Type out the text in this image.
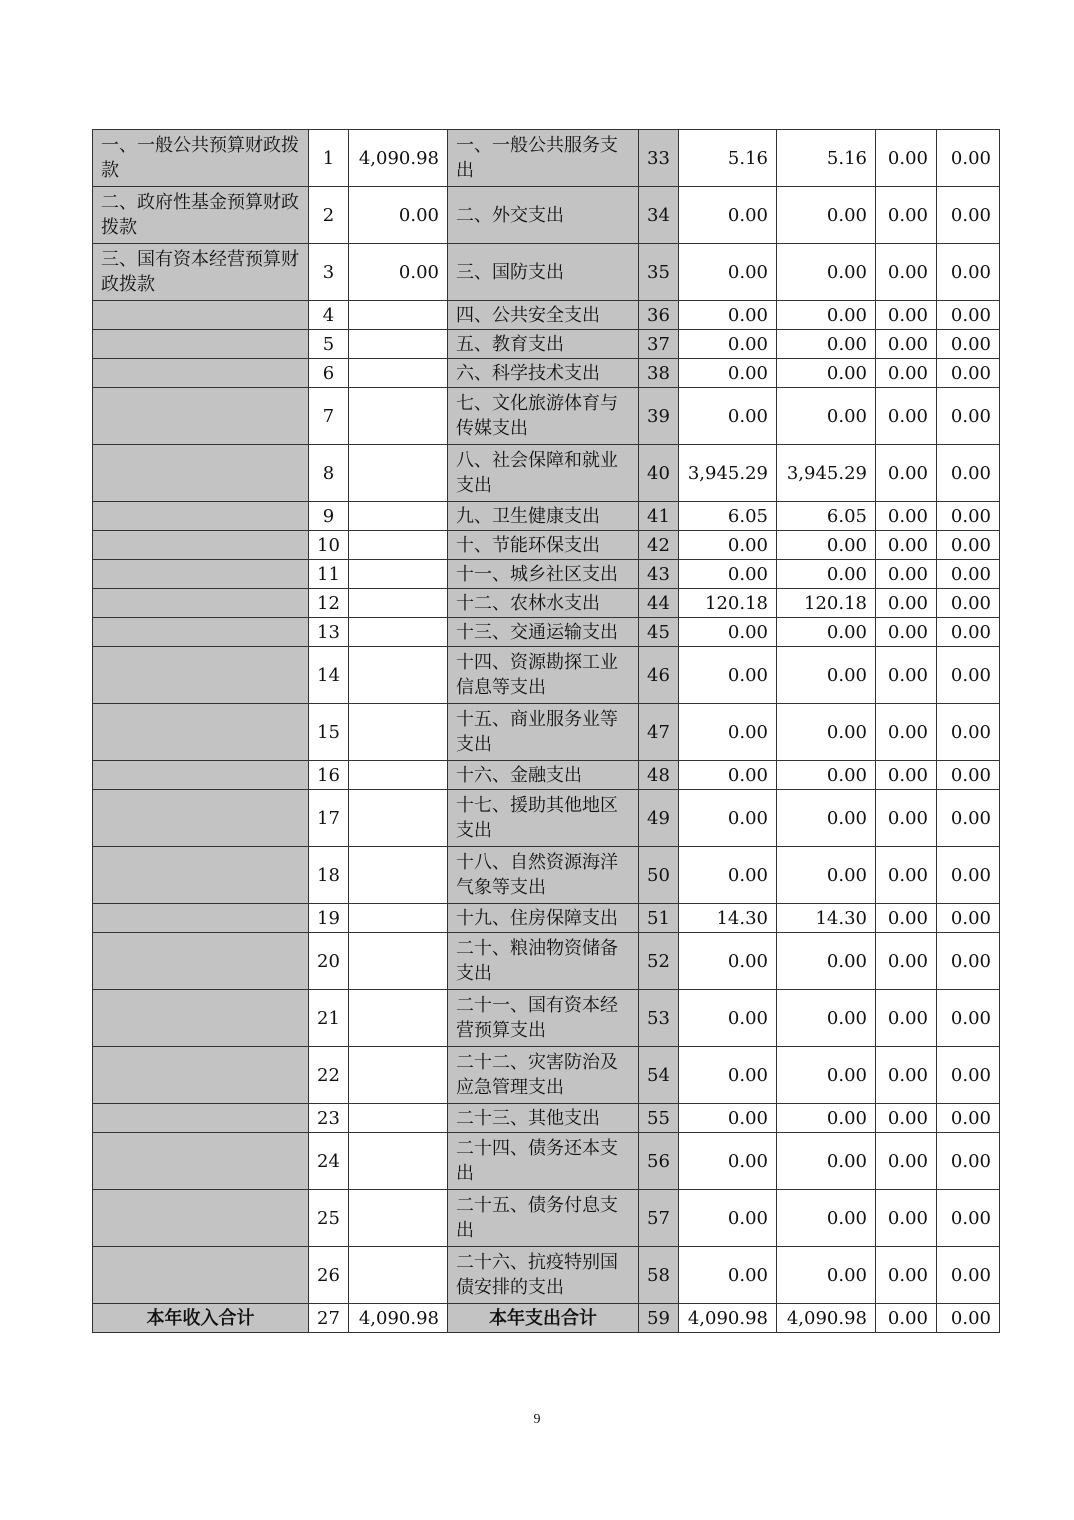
一、一般公共预算财政拨款	1	4,090.98	一、一般公共服务支出	33	5.16	5.16	0.00	0.00
二、政府性基金预算财政拨款	2	0.00	二、外交支出	34	0.00	0.00	0.00	0.00
三、国有资本经营预算财政拨款	3	0.00	三、国防支出	35	0.00	0.00	0.00	0.00
	4		四、公共安全支出	36	0.00	0.00	0.00	0.00
	5		五、教育支出	37	0.00	0.00	0.00	0.00
	6		六、科学技术支出	38	0.00	0.00	0.00	0.00
	7		七、文化旅游体育与传媒支出	39	0.00	0.00	0.00	0.00
	8		八、社会保障和就业支出	40	3,945.29	3,945.29	0.00	0.00
	9		九、卫生健康支出	41	6.05	6.05	0.00	0.00
	10		十、节能环保支出	42	0.00	0.00	0.00	0.00
	11		十一、城乡社区支出	43	0.00	0.00	0.00	0.00
	12		十二、农林水支出	44	120.18	120.18	0.00	0.00
	13		十三、交通运输支出	45	0.00	0.00	0.00	0.00
	14		十四、资源勘探工业信息等支出	46	0.00	0.00	0.00	0.00
	15		十五、商业服务业等支出	47	0.00	0.00	0.00	0.00
	16		十六、金融支出	48	0.00	0.00	0.00	0.00
	17		十七、援助其他地区支出	49	0.00	0.00	0.00	0.00
	18		十八、自然资源海洋气象等支出	50	0.00	0.00	0.00	0.00
	19		十九、住房保障支出	51	14.30	14.30	0.00	0.00
	20		二十、粮油物资储备支出	52	0.00	0.00	0.00	0.00
	21		二十一、国有资本经营预算支出	53	0.00	0.00	0.00	0.00
	22		二十二、灾害防治及应急管理支出	54	0.00	0.00	0.00	0.00
	23		二十三、其他支出	55	0.00	0.00	0.00	0.00
	24		二十四、债务还本支出	56	0.00	0.00	0.00	0.00
	25		二十五、债务付息支出	57	0.00	0.00	0.00	0.00
	26		二十六、抗疫特别国债安排的支出	58	0.00	0.00	0.00	0.00
本年收入合计	27	4,090.98	本年支出合计	59	4,090.98	4,090.98	0.00	0.00
9
